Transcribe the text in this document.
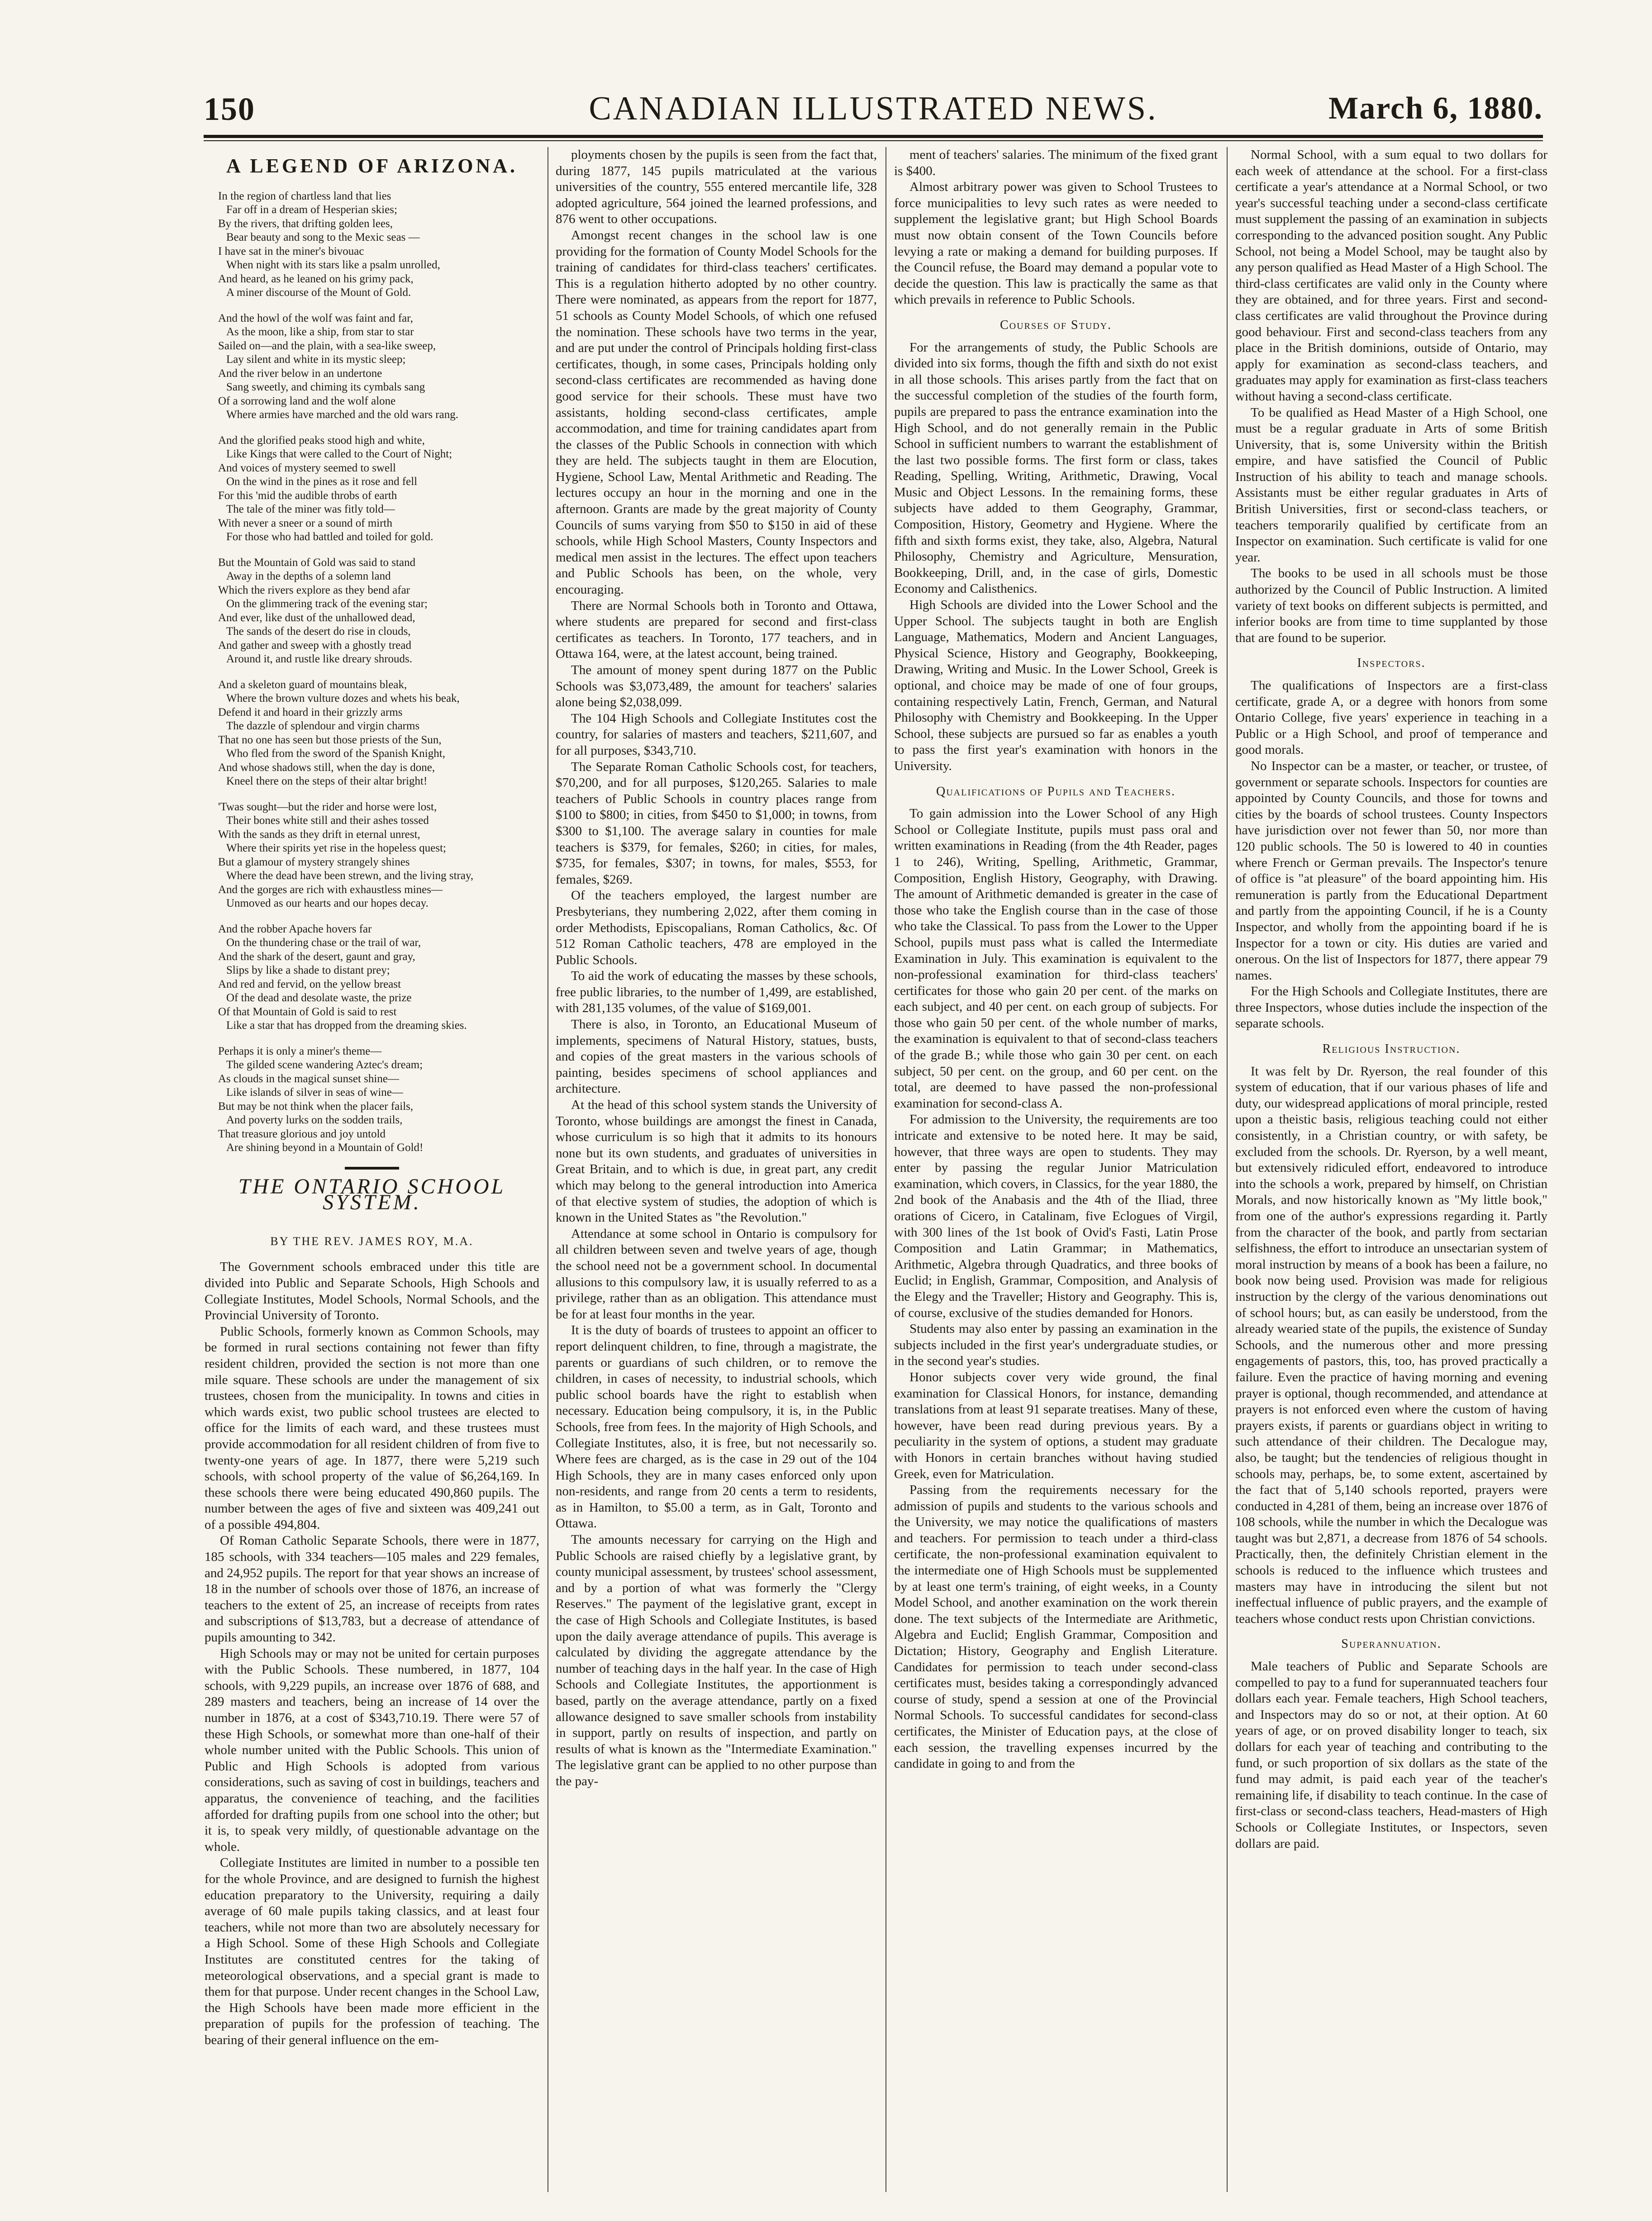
150	CANADIAN ILLUSTRATED NEWS.	March 6, 1880.
A LEGEND OF ARIZONA.
In the region of chartless land that lies
Far off in a dream of Hesperian skies;
By the rivers, that drifting golden lees,
Bear beauty and song to the Mexic seas —
I have sat in the miner's bivouac
When night with its stars like a psalm unrolled,
And heard, as he leaned on his grimy pack,
A miner discourse of the Mount of Gold.
And the howl of the wolf was faint and far,
As the moon, like a ship, from star to star
Sailed on—and the plain, with a sea-like sweep,
Lay silent and white in its mystic sleep;
And the river below in an undertone
Sang sweetly, and chiming its cymbals sang
Of a sorrowing land and the wolf alone
Where armies have marched and the old wars rang.
And the glorified peaks stood high and white,
Like Kings that were called to the Court of Night;
And voices of mystery seemed to swell
On the wind in the pines as it rose and fell
For this 'mid the audible throbs of earth
The tale of the miner was fitly told—
With never a sneer or a sound of mirth
For those who had battled and toiled for gold.
But the Mountain of Gold was said to stand
Away in the depths of a solemn land
Which the rivers explore as they bend afar
On the glimmering track of the evening star;
And ever, like dust of the unhallowed dead,
The sands of the desert do rise in clouds,
And gather and sweep with a ghostly tread
Around it, and rustle like dreary shrouds.
And a skeleton guard of mountains bleak,
Where the brown vulture dozes and whets his beak,
Defend it and hoard in their grizzly arms
The dazzle of splendour and virgin charms
That no one has seen but those priests of the Sun,
Who fled from the sword of the Spanish Knight,
And whose shadows still, when the day is done,
Kneel there on the steps of their altar bright!
'Twas sought—but the rider and horse were lost,
Their bones white still and their ashes tossed
With the sands as they drift in eternal unrest,
Where their spirits yet rise in the hopeless quest;
But a glamour of mystery strangely shines
Where the dead have been strewn, and the living stray,
And the gorges are rich with exhaustless mines—
Unmoved as our hearts and our hopes decay.
And the robber Apache hovers far
On the thundering chase or the trail of war,
And the shark of the desert, gaunt and gray,
Slips by like a shade to distant prey;
And red and fervid, on the yellow breast
Of the dead and desolate waste, the prize
Of that Mountain of Gold is said to rest
Like a star that has dropped from the dreaming skies.
Perhaps it is only a miner's theme—
The gilded scene wandering Aztec's dream;
As clouds in the magical sunset shine—
Like islands of silver in seas of wine—
But may be not think when the placer fails,
And poverty lurks on the sodden trails,
That treasure glorious and joy untold
Are shining beyond in a Mountain of Gold!
THE ONTARIO SCHOOL SYSTEM.
BY THE REV. JAMES ROY, M.A.

The Government schools embraced under this title are divided into Public and Separate Schools, High Schools and Collegiate Institutes, Model Schools, Normal Schools, and the Provincial University of Toronto.

Public Schools, formerly known as Common Schools, may be formed in rural sections containing not fewer than fifty resident children, provided the section is not more than one mile square. These schools are under the management of six trustees, chosen from the municipality. In towns and cities in which wards exist, two public school trustees are elected to office for the limits of each ward, and these trustees must provide accommodation for all resident children of from five to twenty-one years of age. In 1877, there were 5,219 such schools, with school property of the value of $6,264,169. In these schools there were being educated 490,860 pupils. The number between the ages of five and sixteen was 409,241 out of a possible 494,804.

Of Roman Catholic Separate Schools, there were in 1877, 185 schools, with 334 teachers—105 males and 229 females, and 24,952 pupils. The report for that year shows an increase of 18 in the number of schools over those of 1876, an increase of teachers to the extent of 25, an increase of receipts from rates and subscriptions of $13,783, but a decrease of attendance of pupils amounting to 342.

High Schools may or may not be united for certain purposes with the Public Schools. These numbered, in 1877, 104 schools, with 9,229 pupils, an increase over 1876 of 688, and 289 masters and teachers, being an increase of 14 over the number in 1876, at a cost of $343,710.19. There were 57 of these High Schools, or somewhat more than one-half of their whole number united with the Public Schools. This union of Public and High Schools is adopted from various considerations, such as saving of cost in buildings, teachers and apparatus, the convenience of teaching, and the facilities afforded for drafting pupils from one school into the other; but it is, to speak very mildly, of questionable advantage on the whole.

Collegiate Institutes are limited in number to a possible ten for the whole Province, and are designed to furnish the highest education preparatory to the University, requiring a daily average of 60 male pupils taking classics, and at least four teachers, while not more than two are absolutely necessary for a High School. Some of these High Schools and Collegiate Institutes are constituted centres for the taking of meteorological observations, and a special grant is made to them for that purpose. Under recent changes in the School Law, the High Schools have been made more efficient in the preparation of pupils for the profession of teaching. The bearing of their general influence on the em-

ployments chosen by the pupils is seen from the fact that, during 1877, 145 pupils matriculated at the various universities of the country, 555 entered mercantile life, 328 adopted agriculture, 564 joined the learned professions, and 876 went to other occupations.

Amongst recent changes in the school law is one providing for the formation of County Model Schools for the training of candidates for third-class teachers' certificates. This is a regulation hitherto adopted by no other country. There were nominated, as appears from the report for 1877, 51 schools as County Model Schools, of which one refused the nomination. These schools have two terms in the year, and are put under the control of Principals holding first-class certificates, though, in some cases, Principals holding only second-class certificates are recommended as having done good service for their schools. These must have two assistants, holding second-class certificates, ample accommodation, and time for training candidates apart from the classes of the Public Schools in connection with which they are held. The subjects taught in them are Elocution, Hygiene, School Law, Mental Arithmetic and Reading. The lectures occupy an hour in the morning and one in the afternoon. Grants are made by the great majority of County Councils of sums varying from $50 to $150 in aid of these schools, while High School Masters, County Inspectors and medical men assist in the lectures. The effect upon teachers and Public Schools has been, on the whole, very encouraging.

There are Normal Schools both in Toronto and Ottawa, where students are prepared for second and first-class certificates as teachers. In Toronto, 177 teachers, and in Ottawa 164, were, at the latest account, being trained.

The amount of money spent during 1877 on the Public Schools was $3,073,489, the amount for teachers' salaries alone being $2,038,099.

The 104 High Schools and Collegiate Institutes cost the country, for salaries of masters and teachers, $211,607, and for all purposes, $343,710.

The Separate Roman Catholic Schools cost, for teachers, $70,200, and for all purposes, $120,265. Salaries to male teachers of Public Schools in country places range from $100 to $800; in cities, from $450 to $1,000; in towns, from $300 to $1,100. The average salary in counties for male teachers is $379, for females, $260; in cities, for males, $735, for females, $307; in towns, for males, $553, for females, $269.

Of the teachers employed, the largest number are Presbyterians, they numbering 2,022, after them coming in order Methodists, Episcopalians, Roman Catholics, &c. Of 512 Roman Catholic teachers, 478 are employed in the Public Schools.

To aid the work of educating the masses by these schools, free public libraries, to the number of 1,499, are established, with 281,135 volumes, of the value of $169,001.

There is also, in Toronto, an Educational Museum of implements, specimens of Natural History, statues, busts, and copies of the great masters in the various schools of painting, besides specimens of school appliances and architecture.

At the head of this school system stands the University of Toronto, whose buildings are amongst the finest in Canada, whose curriculum is so high that it admits to its honours none but its own students, and graduates of universities in Great Britain, and to which is due, in great part, any credit which may belong to the general introduction into America of that elective system of studies, the adoption of which is known in the United States as "the Revolution."

Attendance at some school in Ontario is compulsory for all children between seven and twelve years of age, though the school need not be a government school. In documental allusions to this compulsory law, it is usually referred to as a privilege, rather than as an obligation. This attendance must be for at least four months in the year.

It is the duty of boards of trustees to appoint an officer to report delinquent children, to fine, through a magistrate, the parents or guardians of such children, or to remove the children, in cases of necessity, to industrial schools, which public school boards have the right to establish when necessary. Education being compulsory, it is, in the Public Schools, free from fees. In the majority of High Schools, and Collegiate Institutes, also, it is free, but not necessarily so. Where fees are charged, as is the case in 29 out of the 104 High Schools, they are in many cases enforced only upon non-residents, and range from 20 cents a term to residents, as in Hamilton, to $5.00 a term, as in Galt, Toronto and Ottawa.

The amounts necessary for carrying on the High and Public Schools are raised chiefly by a legislative grant, by county municipal assessment, by trustees' school assessment, and by a portion of what was formerly the "Clergy Reserves." The payment of the legislative grant, except in the case of High Schools and Collegiate Institutes, is based upon the daily average attendance of pupils. This average is calculated by dividing the aggregate attendance by the number of teaching days in the half year. In the case of High Schools and Collegiate Institutes, the apportionment is based, partly on the average attendance, partly on a fixed allowance designed to save smaller schools from instability in support, partly on results of inspection, and partly on results of what is known as the "Intermediate Examination." The legislative grant can be applied to no other purpose than the pay-

ment of teachers' salaries. The minimum of the fixed grant is $400.

Almost arbitrary power was given to School Trustees to force municipalities to levy such rates as were needed to supplement the legislative grant; but High School Boards must now obtain consent of the Town Councils before levying a rate or making a demand for building purposes. If the Council refuse, the Board may demand a popular vote to decide the question. This law is practically the same as that which prevails in reference to Public Schools.

Courses of Study.

For the arrangements of study, the Public Schools are divided into six forms, though the fifth and sixth do not exist in all those schools. This arises partly from the fact that on the successful completion of the studies of the fourth form, pupils are prepared to pass the entrance examination into the High School, and do not generally remain in the Public School in sufficient numbers to warrant the establishment of the last two possible forms. The first form or class, takes Reading, Spelling, Writing, Arithmetic, Drawing, Vocal Music and Object Lessons. In the remaining forms, these subjects have added to them Geography, Grammar, Composition, History, Geometry and Hygiene. Where the fifth and sixth forms exist, they take, also, Algebra, Natural Philosophy, Chemistry and Agriculture, Mensuration, Bookkeeping, Drill, and, in the case of girls, Domestic Economy and Calisthenics.

High Schools are divided into the Lower School and the Upper School. The subjects taught in both are English Language, Mathematics, Modern and Ancient Languages, Physical Science, History and Geography, Bookkeeping, Drawing, Writing and Music. In the Lower School, Greek is optional, and choice may be made of one of four groups, containing respectively Latin, French, German, and Natural Philosophy with Chemistry and Bookkeeping. In the Upper School, these subjects are pursued so far as enables a youth to pass the first year's examination with honors in the University.

Qualifications of Pupils and Teachers.

To gain admission into the Lower School of any High School or Collegiate Institute, pupils must pass oral and written examinations in Reading (from the 4th Reader, pages 1 to 246), Writing, Spelling, Arithmetic, Grammar, Composition, English History, Geography, with Drawing. The amount of Arithmetic demanded is greater in the case of those who take the English course than in the case of those who take the Classical. To pass from the Lower to the Upper School, pupils must pass what is called the Intermediate Examination in July. This examination is equivalent to the non-professional examination for third-class teachers' certificates for those who gain 20 per cent. of the marks on each subject, and 40 per cent. on each group of subjects. For those who gain 50 per cent. of the whole number of marks, the examination is equivalent to that of second-class teachers of the grade B.; while those who gain 30 per cent. on each subject, 50 per cent. on the group, and 60 per cent. on the total, are deemed to have passed the non-professional examination for second-class A.

For admission to the University, the requirements are too intricate and extensive to be noted here. It may be said, however, that three ways are open to students. They may enter by passing the regular Junior Matriculation examination, which covers, in Classics, for the year 1880, the 2nd book of the Anabasis and the 4th of the Iliad, three orations of Cicero, in Catalinam, five Eclogues of Virgil, with 300 lines of the 1st book of Ovid's Fasti, Latin Prose Composition and Latin Grammar; in Mathematics, Arithmetic, Algebra through Quadratics, and three books of Euclid; in English, Grammar, Composition, and Analysis of the Elegy and the Traveller; History and Geography. This is, of course, exclusive of the studies demanded for Honors.

Students may also enter by passing an examination in the subjects included in the first year's undergraduate studies, or in the second year's studies.

Honor subjects cover very wide ground, the final examination for Classical Honors, for instance, demanding translations from at least 91 separate treatises. Many of these, however, have been read during previous years. By a peculiarity in the system of options, a student may graduate with Honors in certain branches without having studied Greek, even for Matriculation.

Passing from the requirements necessary for the admission of pupils and students to the various schools and the University, we may notice the qualifications of masters and teachers. For permission to teach under a third-class certificate, the non-professional examination equivalent to the intermediate one of High Schools must be supplemented by at least one term's training, of eight weeks, in a County Model School, and another examination on the work therein done. The text subjects of the Intermediate are Arithmetic, Algebra and Euclid; English Grammar, Composition and Dictation; History, Geography and English Literature. Candidates for permission to teach under second-class certificates must, besides taking a correspondingly advanced course of study, spend a session at one of the Provincial Normal Schools. To successful candidates for second-class certificates, the Minister of Education pays, at the close of each session, the travelling expenses incurred by the candidate in going to and from the

Normal School, with a sum equal to two dollars for each week of attendance at the school. For a first-class certificate a year's attendance at a Normal School, or two year's successful teaching under a second-class certificate must supplement the passing of an examination in subjects corresponding to the advanced position sought. Any Public School, not being a Model School, may be taught also by any person qualified as Head Master of a High School. The third-class certificates are valid only in the County where they are obtained, and for three years. First and second-class certificates are valid throughout the Province during good behaviour. First and second-class teachers from any place in the British dominions, outside of Ontario, may apply for examination as second-class teachers, and graduates may apply for examination as first-class teachers without having a second-class certificate.

To be qualified as Head Master of a High School, one must be a regular graduate in Arts of some British University, that is, some University within the British empire, and have satisfied the Council of Public Instruction of his ability to teach and manage schools. Assistants must be either regular graduates in Arts of British Universities, first or second-class teachers, or teachers temporarily qualified by certificate from an Inspector on examination. Such certificate is valid for one year.

The books to be used in all schools must be those authorized by the Council of Public Instruction. A limited variety of text books on different subjects is permitted, and inferior books are from time to time supplanted by those that are found to be superior.

Inspectors.

The qualifications of Inspectors are a first-class certificate, grade A, or a degree with honors from some Ontario College, five years' experience in teaching in a Public or a High School, and proof of temperance and good morals.

No Inspector can be a master, or teacher, or trustee, of government or separate schools. Inspectors for counties are appointed by County Councils, and those for towns and cities by the boards of school trustees. County Inspectors have jurisdiction over not fewer than 50, nor more than 120 public schools. The 50 is lowered to 40 in counties where French or German prevails. The Inspector's tenure of office is "at pleasure" of the board appointing him. His remuneration is partly from the Educational Department and partly from the appointing Council, if he is a County Inspector, and wholly from the appointing board if he is Inspector for a town or city. His duties are varied and onerous. On the list of Inspectors for 1877, there appear 79 names.

For the High Schools and Collegiate Institutes, there are three Inspectors, whose duties include the inspection of the separate schools.

Religious Instruction.

It was felt by Dr. Ryerson, the real founder of this system of education, that if our various phases of life and duty, our widespread applications of moral principle, rested upon a theistic basis, religious teaching could not either consistently, in a Christian country, or with safety, be excluded from the schools. Dr. Ryerson, by a well meant, but extensively ridiculed effort, endeavored to introduce into the schools a work, prepared by himself, on Christian Morals, and now historically known as "My little book," from one of the author's expressions regarding it. Partly from the character of the book, and partly from sectarian selfishness, the effort to introduce an unsectarian system of moral instruction by means of a book has been a failure, no book now being used. Provision was made for religious instruction by the clergy of the various denominations out of school hours; but, as can easily be understood, from the already wearied state of the pupils, the existence of Sunday Schools, and the numerous other and more pressing engagements of pastors, this, too, has proved practically a failure. Even the practice of having morning and evening prayer is optional, though recommended, and attendance at prayers is not enforced even where the custom of having prayers exists, if parents or guardians object in writing to such attendance of their children. The Decalogue may, also, be taught; but the tendencies of religious thought in schools may, perhaps, be, to some extent, ascertained by the fact that of 5,140 schools reported, prayers were conducted in 4,281 of them, being an increase over 1876 of 108 schools, while the number in which the Decalogue was taught was but 2,871, a decrease from 1876 of 54 schools. Practically, then, the definitely Christian element in the schools is reduced to the influence which trustees and masters may have in introducing the silent but not ineffectual influence of public prayers, and the example of teachers whose conduct rests upon Christian convictions.

Superannuation.

Male teachers of Public and Separate Schools are compelled to pay to a fund for superannuated teachers four dollars each year. Female teachers, High School teachers, and Inspectors may do so or not, at their option. At 60 years of age, or on proved disability longer to teach, six dollars for each year of teaching and contributing to the fund, or such proportion of six dollars as the state of the fund may admit, is paid each year of the teacher's remaining life, if disability to teach continue. In the case of first-class or second-class teachers, Head-masters of High Schools or Collegiate Institutes, or Inspectors, seven dollars are paid.
